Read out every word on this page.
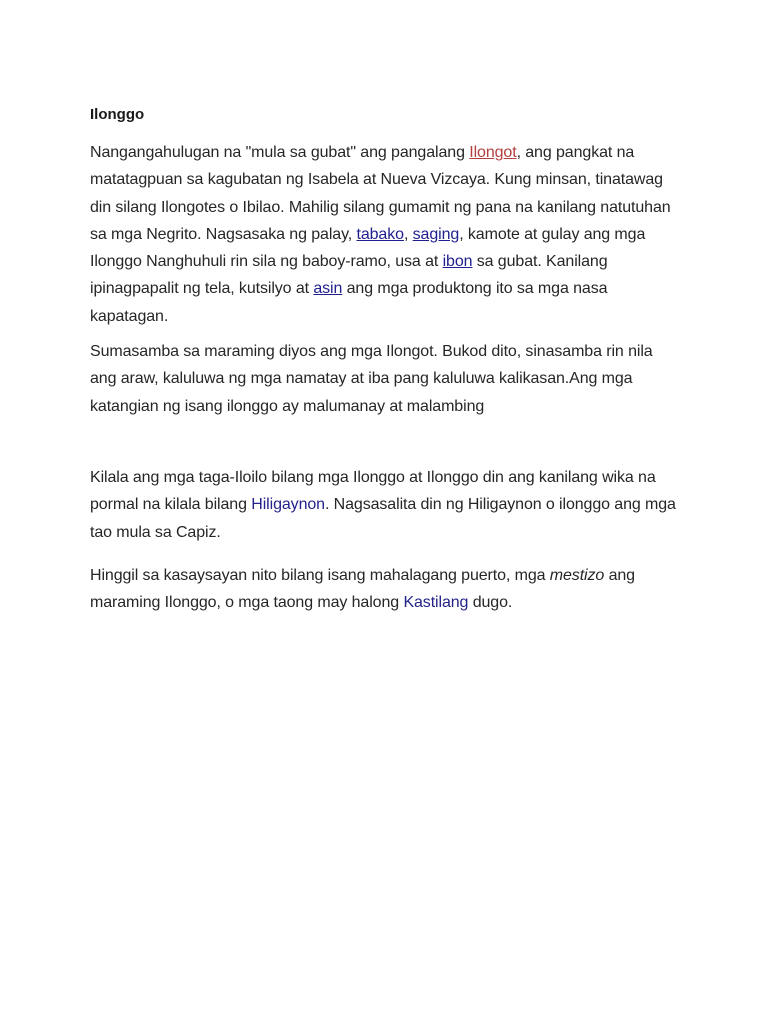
Ilonggo

Nangangahulugan na "mula sa gubat" ang pangalang Ilongot, ang pangkat na matatagpuan sa kagubatan ng Isabela at Nueva Vizcaya. Kung minsan, tinatawag din silang Ilongotes o Ibilao. Mahilig silang gumamit ng pana na kanilang natutuhan sa mga Negrito. Nagsasaka ng palay, tabako, saging, kamote at gulay ang mga Ilonggo Nanghuhuli rin sila ng baboy-ramo, usa at ibon sa gubat. Kanilang ipinagpapalit ng tela, kutsilyo at asin ang mga produktong ito sa mga nasa kapatagan.

Sumasamba sa maraming diyos ang mga Ilongot. Bukod dito, sinasamba rin nila ang araw, kaluluwa ng mga namatay at iba pang kaluluwa kalikasan.Ang mga katangian ng isang ilonggo ay malumanay at malambing

Kilala ang mga taga-Iloilo bilang mga Ilonggo at Ilonggo din ang kanilang wika na pormal na kilala bilang Hiligaynon. Nagsasalita din ng Hiligaynon o ilonggo ang mga tao mula sa Capiz.

Hinggil sa kasaysayan nito bilang isang mahalagang puerto, mga mestizo ang maraming Ilonggo, o mga taong may halong Kastilang dugo.
